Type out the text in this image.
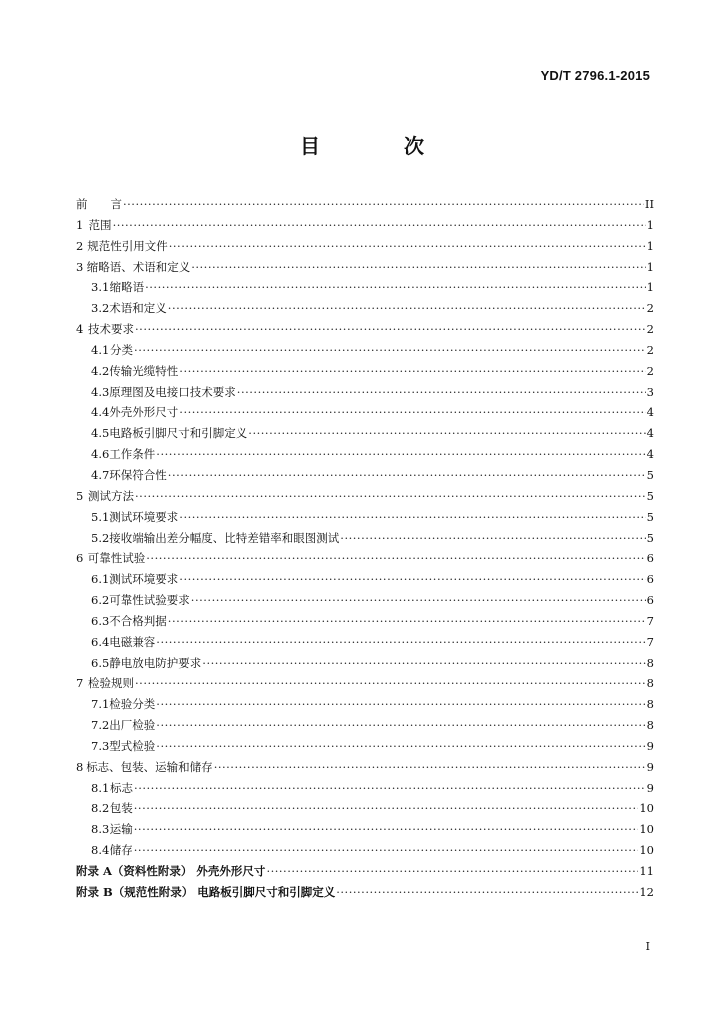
YD/T 2796.1-2015
目　次
前　　言 ·····	II
1 范围 ·····	1
2 规范性引用文件 ·····	1
3 缩略语、术语和定义 ·····	1
3.1 缩略语 ·····	1
3.2 术语和定义 ·····	2
4 技术要求 ·····	2
4.1 分类 ·····	2
4.2 传输光缆特性 ·····	2
4.3 原理图及电接口技术要求 ·····	3
4.4 外壳外形尺寸 ·····	4
4.5 电路板引脚尺寸和引脚定义 ·····	4
4.6 工作条件 ·····	4
4.7 环保符合性 ·····	5
5 测试方法 ·····	5
5.1 测试环境要求 ·····	5
5.2 接收端输出差分幅度、比特差错率和眼图测试 ·····	5
6 可靠性试验 ·····	6
6.1 测试环境要求 ·····	6
6.2 可靠性试验要求 ·····	6
6.3 不合格判据 ·····	7
6.4 电磁兼容 ·····	7
6.5 静电放电防护要求 ·····	8
7 检验规则 ·····	8
7.1 检验分类 ·····	8
7.2 出厂检验 ·····	8
7.3 型式检验 ·····	9
8 标志、包装、运输和储存 ·····	9
8.1 标志 ·····	9
8.2 包装 ·····	10
8.3 运输 ·····	10
8.4 储存 ·····	10
附录 A（资料性附录） 外壳外形尺寸 ·····	11
附录 B（规范性附录） 电路板引脚尺寸和引脚定义 ·····	12
I
